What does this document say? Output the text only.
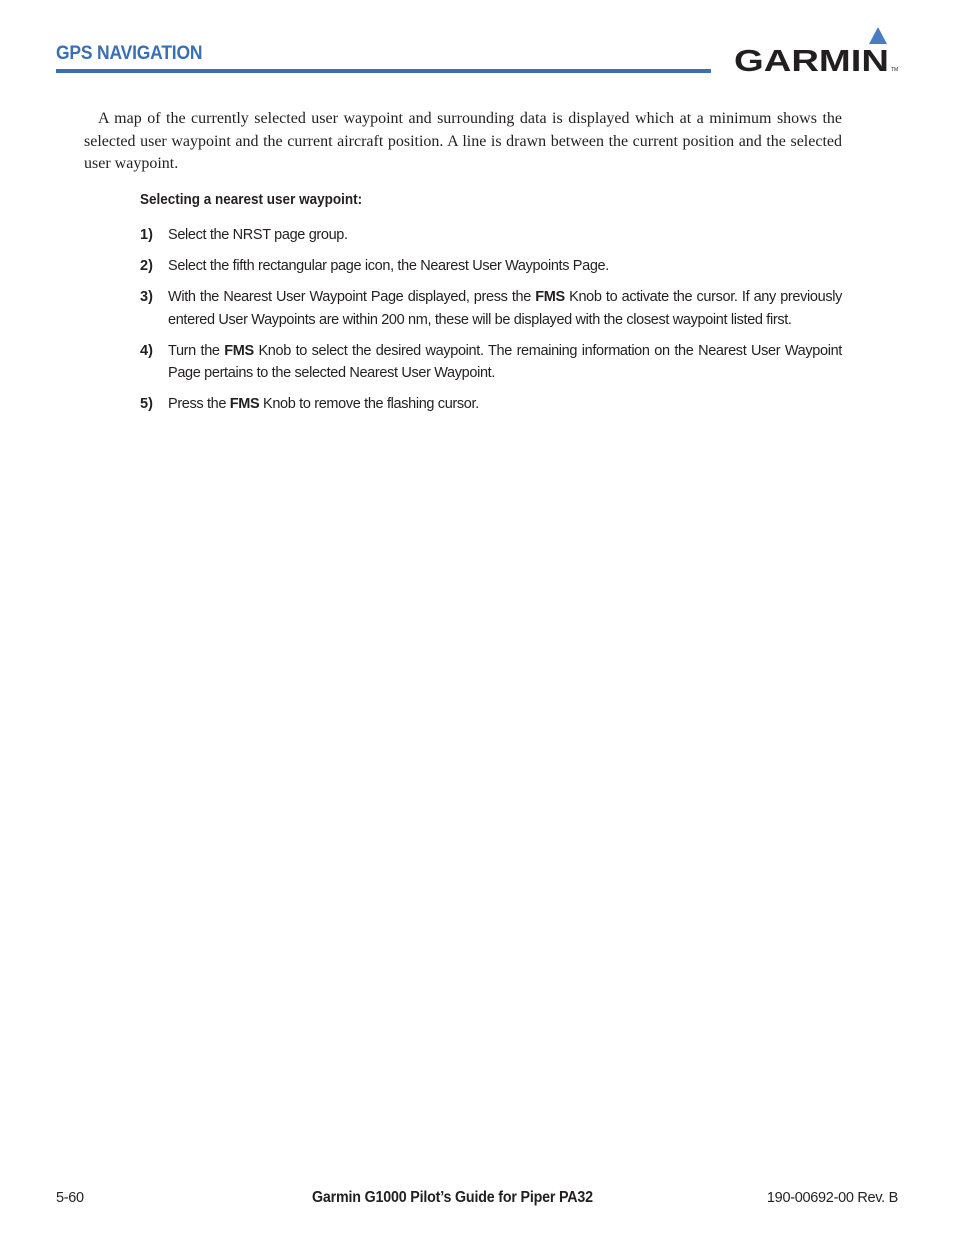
GPS NAVIGATION	GARMIN TM

A map of the currently selected user waypoint and surrounding data is displayed which at a minimum shows the selected user waypoint and the current aircraft position. A line is drawn between the current position and the selected user waypoint.

Selecting a nearest user waypoint:
1) Select the NRST page group.
2) Select the fifth rectangular page icon, the Nearest User Waypoints Page.
3) With the Nearest User Waypoint Page displayed, press the FMS Knob to activate the cursor. If any previously entered User Waypoints are within 200 nm, these will be displayed with the closest waypoint listed first.
4) Turn the FMS Knob to select the desired waypoint. The remaining information on the Nearest User Waypoint Page pertains to the selected Nearest User Waypoint.
5) Press the FMS Knob to remove the flashing cursor.
5-60	Garmin G1000 Pilot’s Guide for Piper PA32	190-00692-00 Rev. B
